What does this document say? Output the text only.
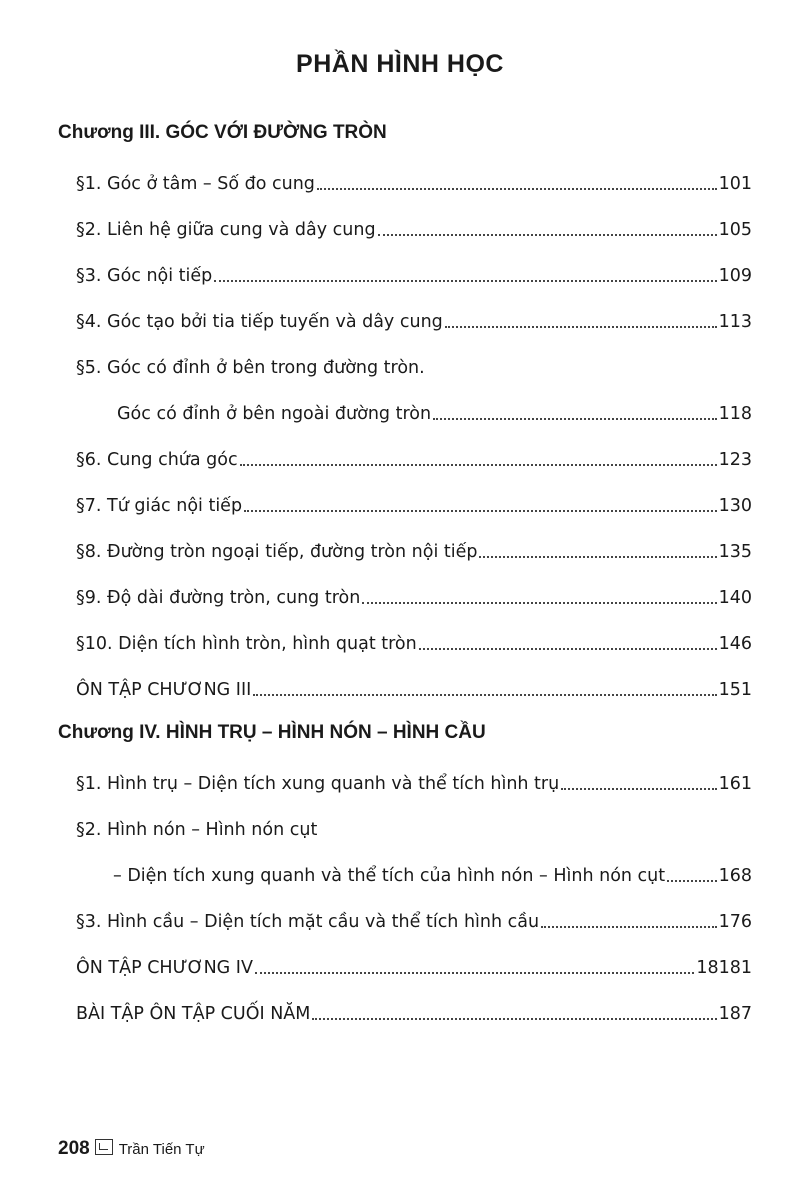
PHẦN HÌNH HỌC
Chương III. GÓC VỚI ĐƯỜNG TRÒN
§1. Góc ở tâm – Số đo cung	101
§2. Liên hệ giữa cung và dây cung	105
§3. Góc nội tiếp	109
§4. Góc tạo bởi tia tiếp tuyến và dây cung	113
§5. Góc có đỉnh ở bên trong đường tròn.
Góc có đỉnh ở bên ngoài đường tròn	118
§6. Cung chứa góc	123
§7. Tứ giác nội tiếp	130
§8. Đường tròn ngoại tiếp, đường tròn nội tiếp	135
§9. Độ dài đường tròn, cung tròn	140
§10. Diện tích hình tròn, hình quạt tròn	146
ÔN TẬP CHƯƠNG III	151
Chương IV. HÌNH TRỤ – HÌNH NÓN – HÌNH CẦU
§1. Hình trụ – Diện tích xung quanh và thể tích hình trụ	161
§2. Hình nón – Hình nón cụt
– Diện tích xung quanh và thể tích của hình nón – Hình nón cụt	168
§3. Hình cầu – Diện tích mặt cầu và thể tích hình cầu	176
ÔN TẬP CHƯƠNG IV	18181
BÀI TẬP ÔN TẬP CUỐI NĂM	187
208 Trần Tiến Tự
